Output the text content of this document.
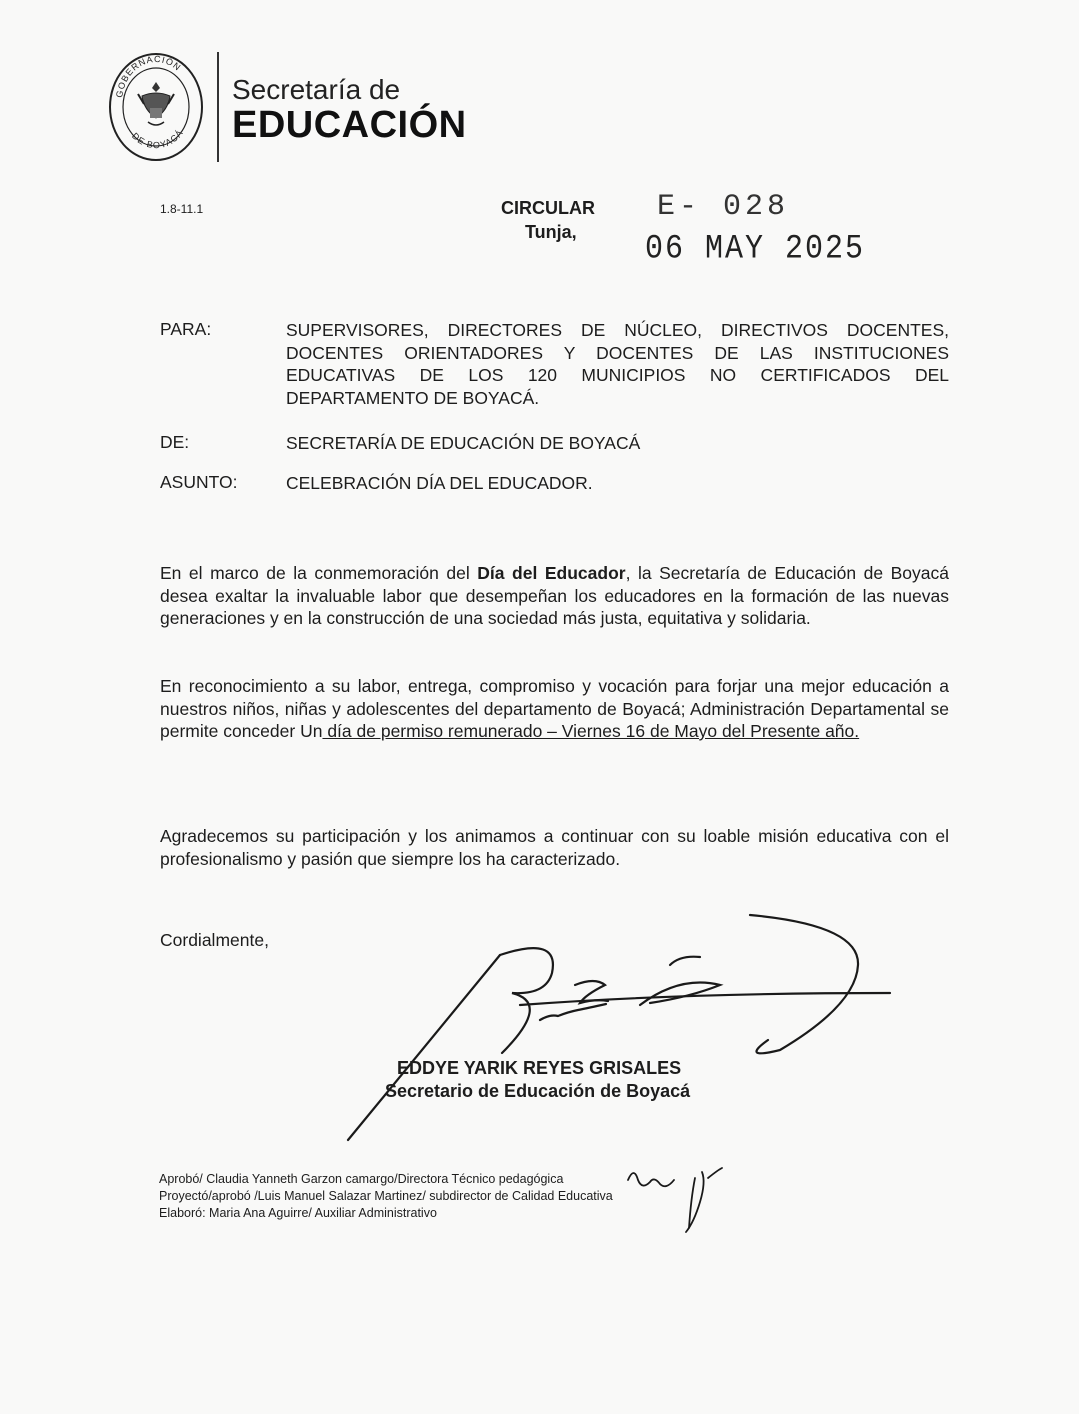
GOBERNACIÓN
DE BOYACÁ
Secretaría de
EDUCACIÓN
1.8-11.1	CIRCULAR
Tunja,
E- 028
06 MAY 2025
PARA:	SUPERVISORES, DIRECTORES DE NÚCLEO, DIRECTIVOS DOCENTES, DOCENTES ORIENTADORES Y DOCENTES DE LAS INSTITUCIONES EDUCATIVAS DE LOS 120 MUNICIPIOS NO CERTIFICADOS DEL DEPARTAMENTO DE BOYACÁ.
DE:	SECRETARÍA DE EDUCACIÓN DE BOYACÁ
ASUNTO:	CELEBRACIÓN DÍA DEL EDUCADOR.
En el marco de la conmemoración del Día del Educador, la Secretaría de Educación de Boyacá desea exaltar la invaluable labor que desempeñan los educadores en la formación de las nuevas generaciones y en la construcción de una sociedad más justa, equitativa y solidaria.
En reconocimiento a su labor, entrega, compromiso y vocación para forjar una mejor educación a nuestros niños, niñas y adolescentes del departamento de Boyacá; Administración Departamental se permite conceder Un día de permiso remunerado – Viernes 16 de Mayo del Presente año.
Agradecemos su participación y los animamos a continuar con su loable misión educativa con el profesionalismo y pasión que siempre los ha caracterizado.
Cordialmente,
EDDYE YARIK REYES GRISALES
Secretario de Educación de Boyacá
Aprobó/ Claudia Yanneth Garzon camargo/Directora Técnico pedagógica
Proyectó/aprobó /Luis Manuel Salazar Martinez/ subdirector de Calidad Educativa
Elaboró: Maria Ana Aguirre/ Auxiliar Administrativo
